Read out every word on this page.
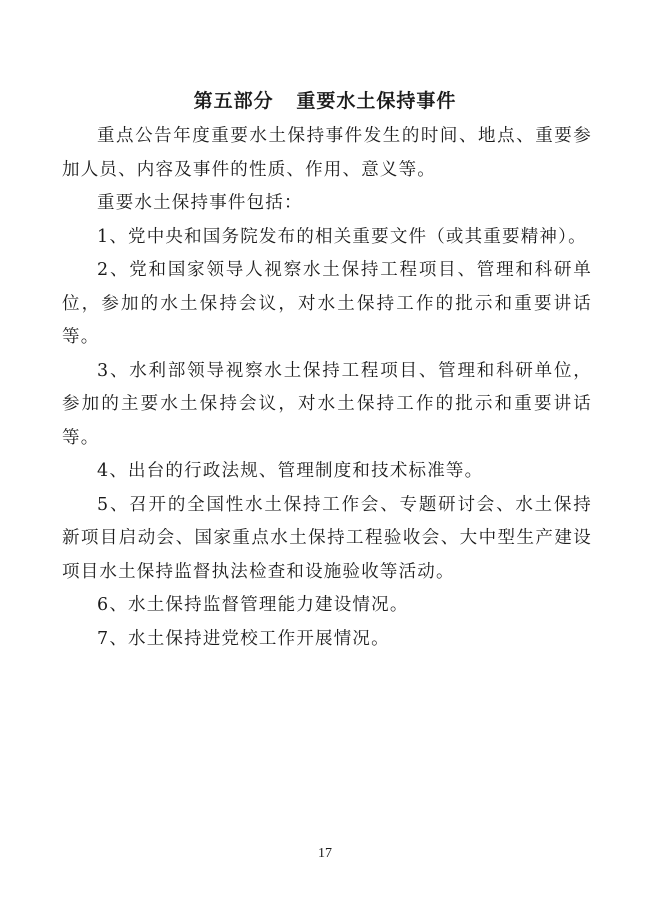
第五部分   重要水土保持事件

重点公告年度重要水土保持事件发生的时间、地点、重要参加人员、内容及事件的性质、作用、意义等。

重要水土保持事件包括：

1、党中央和国务院发布的相关重要文件（或其重要精神）。

2、党和国家领导人视察水土保持工程项目、管理和科研单位，参加的水土保持会议，对水土保持工作的批示和重要讲话等。

3、水利部领导视察水土保持工程项目、管理和科研单位，参加的主要水土保持会议，对水土保持工作的批示和重要讲话等。

4、出台的行政法规、管理制度和技术标准等。

5、召开的全国性水土保持工作会、专题研讨会、水土保持新项目启动会、国家重点水土保持工程验收会、大中型生产建设项目水土保持监督执法检查和设施验收等活动。

6、水土保持监督管理能力建设情况。

7、水土保持进党校工作开展情况。

17
